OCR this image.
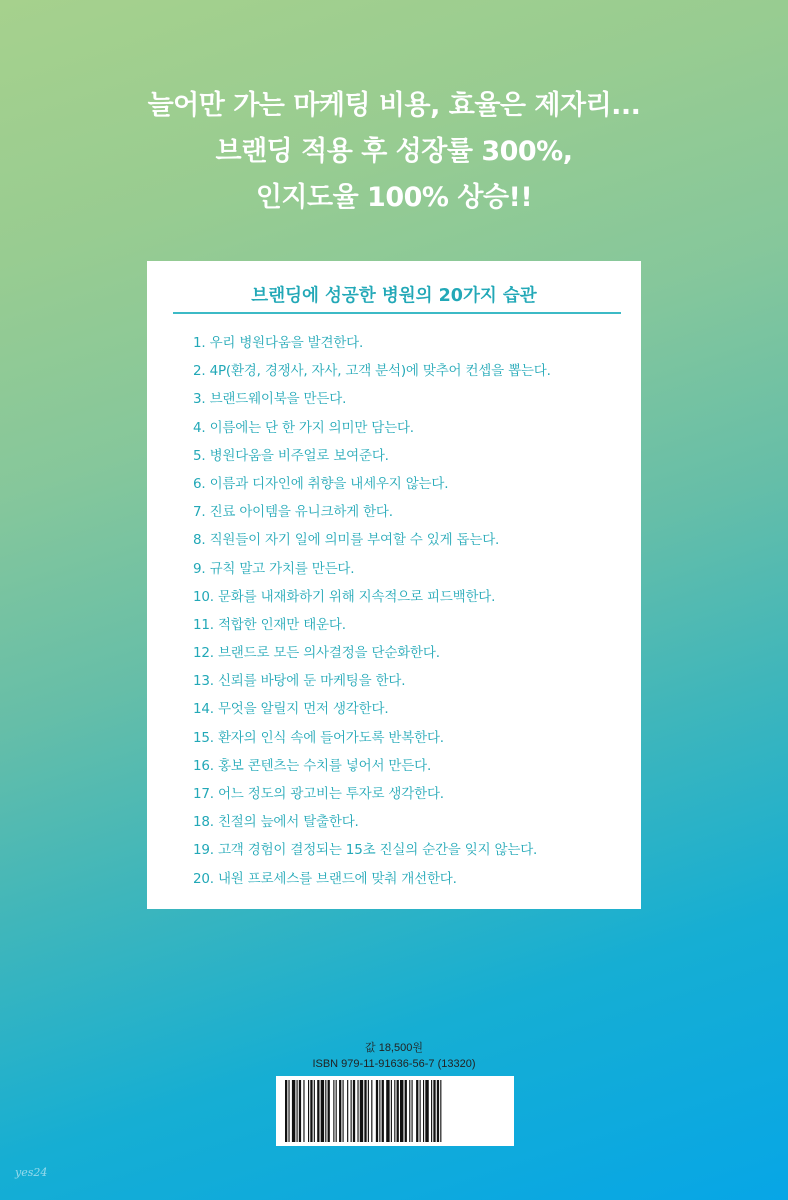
늘어만 가는 마케팅 비용, 효율은 제자리...
브랜딩 적용 후 성장률 300%,
인지도율 100% 상승!!
브랜딩에 성공한 병원의 20가지 습관
1. 우리 병원다움을 발견한다.
2. 4P(환경, 경쟁사, 자사, 고객 분석)에 맞추어 컨셉을 뽑는다.
3. 브랜드웨이북을 만든다.
4. 이름에는 단 한 가지 의미만 담는다.
5. 병원다움을 비주얼로 보여준다.
6. 이름과 디자인에 취향을 내세우지 않는다.
7. 진료 아이템을 유니크하게 한다.
8. 직원들이 자기 일에 의미를 부여할 수 있게 돕는다.
9. 규칙 말고 가치를 만든다.
10. 문화를 내재화하기 위해 지속적으로 피드백한다.
11. 적합한 인재만 태운다.
12. 브랜드로 모든 의사결정을 단순화한다.
13. 신뢰를 바탕에 둔 마케팅을 한다.
14. 무엇을 알릴지 먼저 생각한다.
15. 환자의 인식 속에 들어가도록 반복한다.
16. 홍보 콘텐츠는 수치를 넣어서 만든다.
17. 어느 정도의 광고비는 투자로 생각한다.
18. 친절의 늪에서 탈출한다.
19. 고객 경험이 결정되는 15초 진실의 순간을 잊지 않는다.
20. 내원 프로세스를 브랜드에 맞춰 개선한다.
값 18,500원
ISBN 979-11-91636-56-7 (13320)
yes24
